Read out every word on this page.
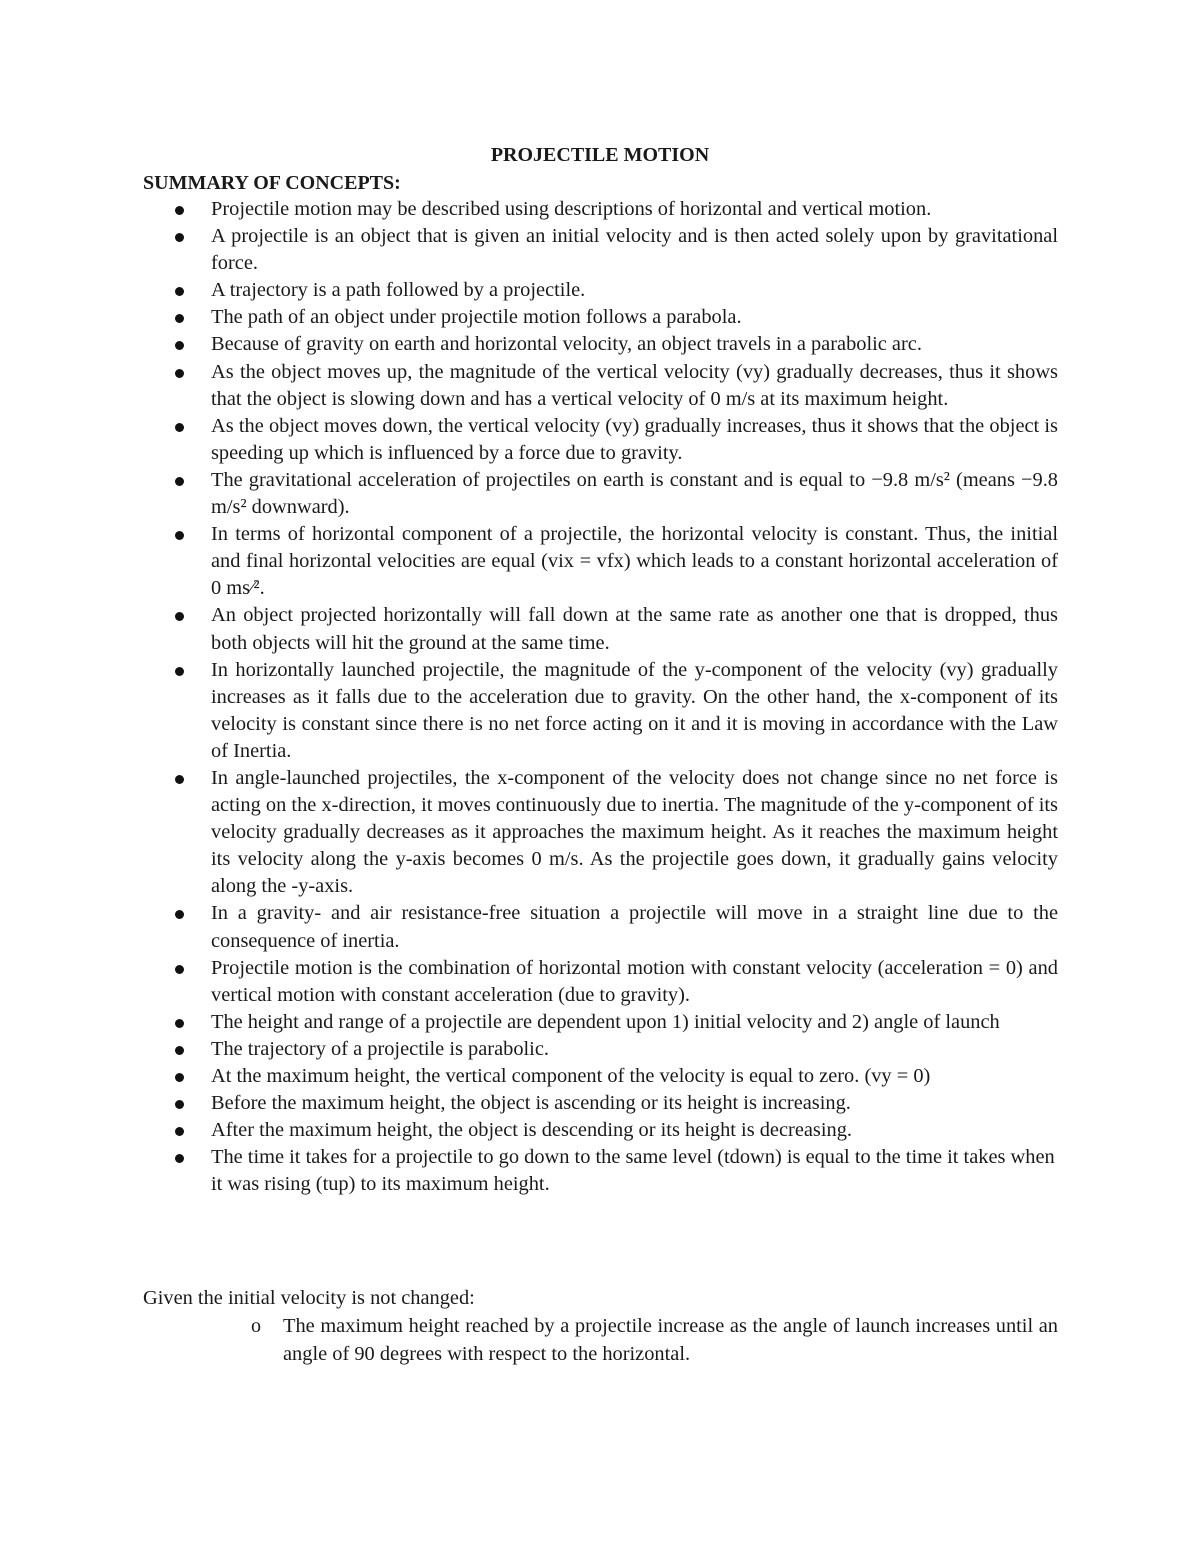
PROJECTILE MOTION
SUMMARY OF CONCEPTS:
Projectile motion may be described using descriptions of horizontal and vertical motion.
A projectile is an object that is given an initial velocity and is then acted solely upon by gravitational force.
A trajectory is a path followed by a projectile.
The path of an object under projectile motion follows a parabola.
Because of gravity on earth and horizontal velocity, an object travels in a parabolic arc.
As the object moves up, the magnitude of the vertical velocity (vy) gradually decreases, thus it shows that the object is slowing down and has a vertical velocity of 0 m/s at its maximum height.
As the object moves down, the vertical velocity (vy) gradually increases, thus it shows that the object is speeding up which is influenced by a force due to gravity.
The gravitational acceleration of projectiles on earth is constant and is equal to −9.8 m/s² (means −9.8 m/s² downward).
In terms of horizontal component of a projectile, the horizontal velocity is constant. Thus, the initial and final horizontal velocities are equal (vix = vfx) which leads to a constant horizontal acceleration of 0 ms⁄².
An object projected horizontally will fall down at the same rate as another one that is dropped, thus both objects will hit the ground at the same time.
In horizontally launched projectile, the magnitude of the y-component of the velocity (vy) gradually increases as it falls due to the acceleration due to gravity. On the other hand, the x-component of its velocity is constant since there is no net force acting on it and it is moving in accordance with the Law of Inertia.
In angle-launched projectiles, the x-component of the velocity does not change since no net force is acting on the x-direction, it moves continuously due to inertia. The magnitude of the y-component of its velocity gradually decreases as it approaches the maximum height. As it reaches the maximum height its velocity along the y-axis becomes 0 m/s. As the projectile goes down, it gradually gains velocity along the -y-axis.
In a gravity- and air resistance-free situation a projectile will move in a straight line due to the consequence of inertia.
Projectile motion is the combination of horizontal motion with constant velocity (acceleration = 0) and vertical motion with constant acceleration (due to gravity).
The height and range of a projectile are dependent upon 1) initial velocity and 2) angle of launch
The trajectory of a projectile is parabolic.
At the maximum height, the vertical component of the velocity is equal to zero. (vy = 0)
Before the maximum height, the object is ascending or its height is increasing.
After the maximum height, the object is descending or its height is decreasing.
The time it takes for a projectile to go down to the same level (tdown) is equal to the time it takes when it was rising (tup) to its maximum height.
Given the initial velocity is not changed:
o The maximum height reached by a projectile increase as the angle of launch increases until an angle of 90 degrees with respect to the horizontal.
